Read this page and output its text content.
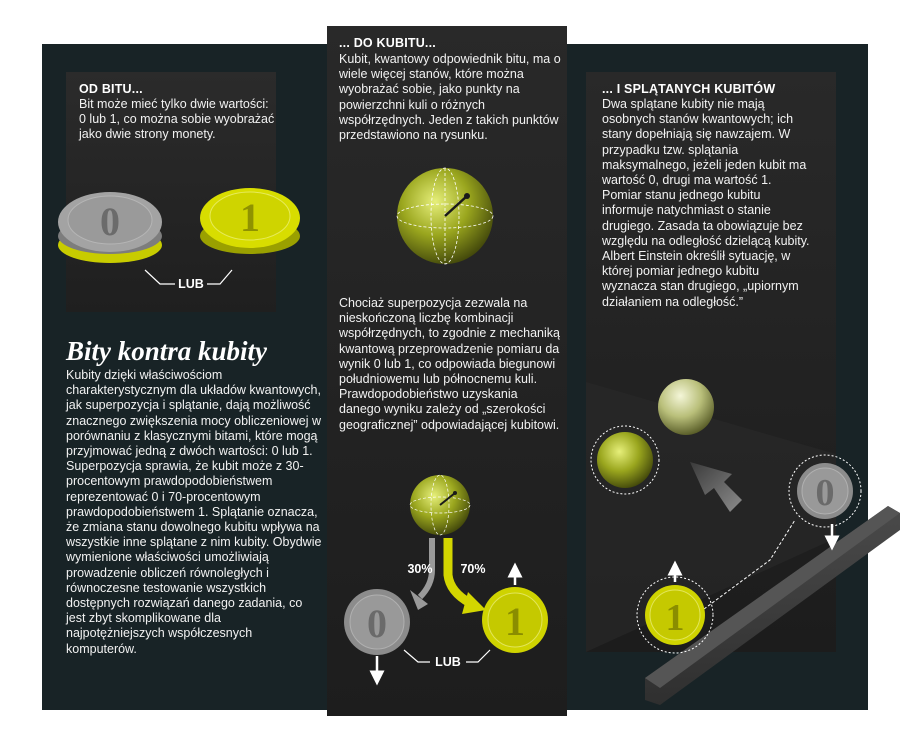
OD BITU...

Bit może mieć tylko dwie wartości: 0 lub 1, co można sobie wyobrażać jako dwie strony monety.

... DO KUBITU...

Kubit, kwantowy odpowiednik bitu, ma o wiele więcej stanów, które można wyobrażać sobie, jako punkty na powierzchni kuli o różnych współrzędnych. Jeden z takich punktów przedstawiono na rysunku.

Chociaż superpozycja zezwala na nieskończoną liczbę kombinacji współrzędnych, to zgodnie z mechaniką kwantową przeprowadzenie pomiaru da wynik 0 lub 1, co odpowiada biegunowi południowemu lub północnemu kuli. Prawdopodobieństwo uzyskania danego wyniku zależy od „szerokości geograficznej” odpowiadającej kubitowi.

... I SPLĄTANYCH KUBITÓW

Dwa splątane kubity nie mają osobnych stanów kwantowych; ich stany dopełniają się nawzajem. W przypadku tzw. splątania maksymalnego, jeżeli jeden kubit ma wartość 0, drugi ma wartość 1. Pomiar stanu jednego kubitu informuje natychmiast o stanie drugiego. Zasada ta obowiązuje bez względu na odległość dzielącą kubity. Albert Einstein określił sytuację, w której pomiar jednego kubitu wyznacza stan drugiego, „upiornym działaniem na odległość.”

Bity kontra kubity

Kubity dzięki właściwościom charakterystycznym dla układów kwantowych, jak superpozycja i splątanie, dają możliwość znacznego zwiększenia mocy obliczeniowej w porównaniu z klasycznymi bitami, które mogą przyjmować jedną z dwóch wartości: 0 lub 1. Superpozycja sprawia, że kubit może z 30-procentowym prawdopodobieństwem reprezentować 0 i 70-procentowym prawdopodobieństwem 1. Splątanie oznacza, że zmiana stanu dowolnego kubitu wpływa na wszystkie inne splątane z nim kubity. Obydwie wymienione właściwości umożliwiają prowadzenie obliczeń równoległych i równoczesne testowanie wszystkich dostępnych rozwiązań danego zadania, co jest zbyt skomplikowane dla najpotężniejszych współczesnych komputerów.

0	1
LUB
30% 70%
0	1
LUB
0
1
